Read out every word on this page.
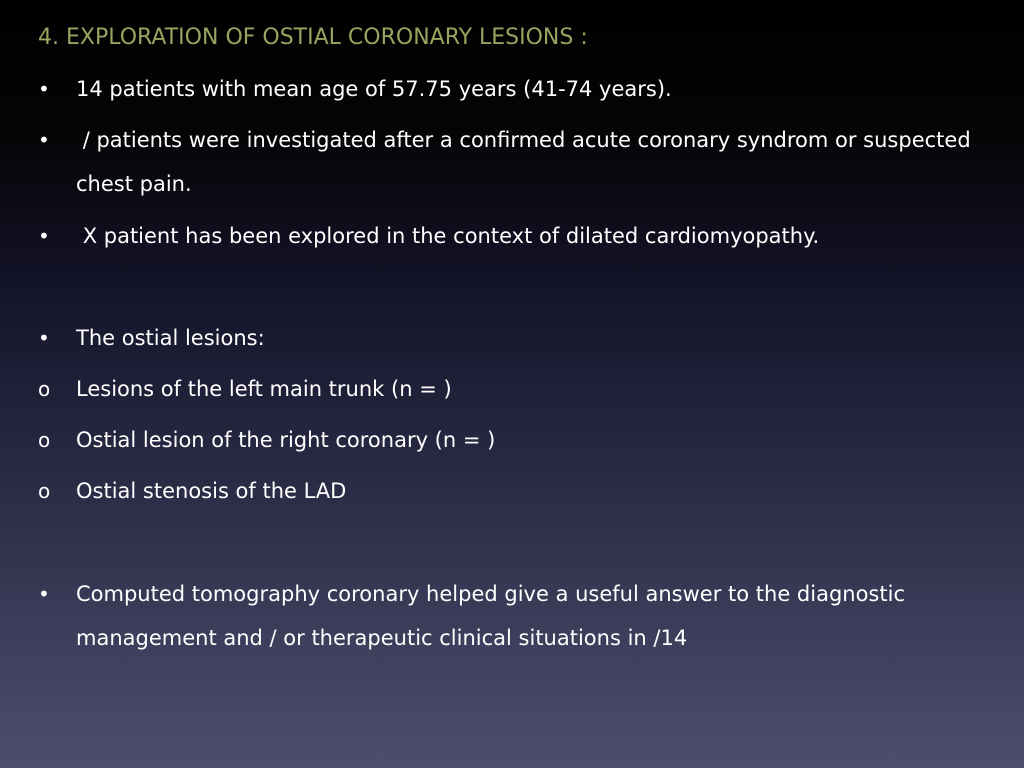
4. EXPLORATION OF OSTIAL CORONARY LESIONS :
•	14 patients with mean age of 57.75 years (41-74 years).
•	/ patients were investigated after a confirmed acute coronary syndrom or suspected chest pain.
•	X patient has been explored in the context of dilated cardiomyopathy.
•	The ostial lesions:
o	Lesions of the left main trunk (n = )
o	Ostial lesion of the right coronary (n = )
o	Ostial stenosis of the LAD
•	Computed tomography coronary helped give a useful answer to the diagnostic management and / or therapeutic clinical situations in /14
